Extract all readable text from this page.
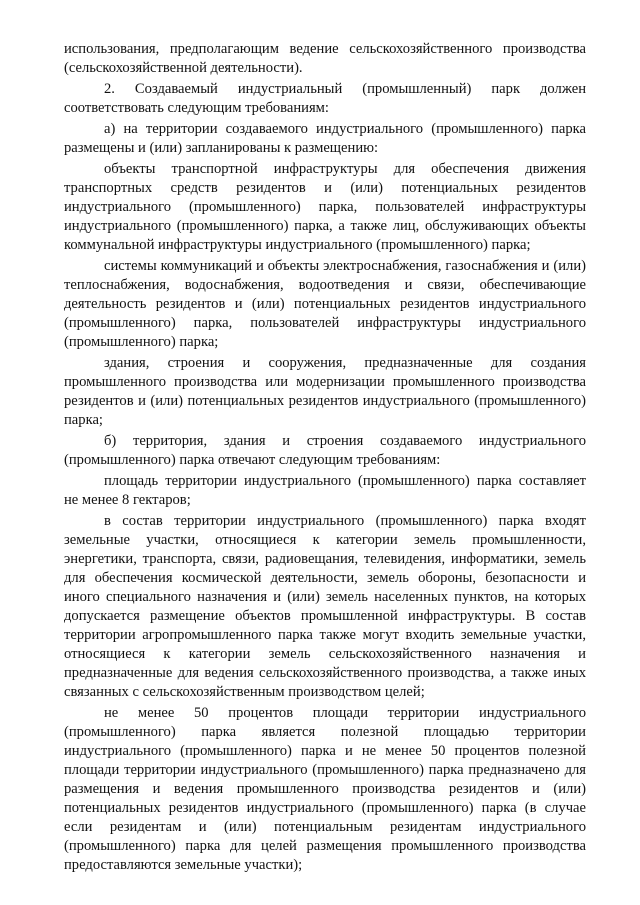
использования, предполагающим ведение сельскохозяйственного производства (сельскохозяйственной деятельности).

2. Создаваемый индустриальный (промышленный) парк должен соответствовать следующим требованиям:

а) на территории создаваемого индустриального (промышленного) парка размещены и (или) запланированы к размещению:

объекты транспортной инфраструктуры для обеспечения движения транспортных средств резидентов и (или) потенциальных резидентов индустриального (промышленного) парка, пользователей инфраструктуры индустриального (промышленного) парка, а также лиц, обслуживающих объекты коммунальной инфраструктуры индустриального (промышленного) парка;

системы коммуникаций и объекты электроснабжения, газоснабжения и (или) теплоснабжения, водоснабжения, водоотведения и связи, обеспечивающие деятельность резидентов и (или) потенциальных резидентов индустриального (промышленного) парка, пользователей инфраструктуры индустриального (промышленного) парка;

здания, строения и сооружения, предназначенные для создания промышленного производства или модернизации промышленного производства резидентов и (или) потенциальных резидентов индустриального (промышленного) парка;

б) территория, здания и строения создаваемого индустриального (промышленного) парка отвечают следующим требованиям:

площадь территории индустриального (промышленного) парка составляет не менее 8 гектаров;

в состав территории индустриального (промышленного) парка входят земельные участки, относящиеся к категории земель промышленности, энергетики, транспорта, связи, радиовещания, телевидения, информатики, земель для обеспечения космической деятельности, земель обороны, безопасности и иного специального назначения и (или) земель населенных пунктов, на которых допускается размещение объектов промышленной инфраструктуры. В состав территории агропромышленного парка также могут входить земельные участки, относящиеся к категории земель сельскохозяйственного назначения и предназначенные для ведения сельскохозяйственного производства, а также иных связанных с сельскохозяйственным производством целей;

не менее 50 процентов площади территории индустриального (промышленного) парка является полезной площадью территории индустриального (промышленного) парка и не менее 50 процентов полезной площади территории индустриального (промышленного) парка предназначено для размещения и ведения промышленного производства резидентов и (или) потенциальных резидентов индустриального (промышленного) парка (в случае если резидентам и (или) потенциальным резидентам индустриального (промышленного) парка для целей размещения промышленного производства предоставляются земельные участки);
